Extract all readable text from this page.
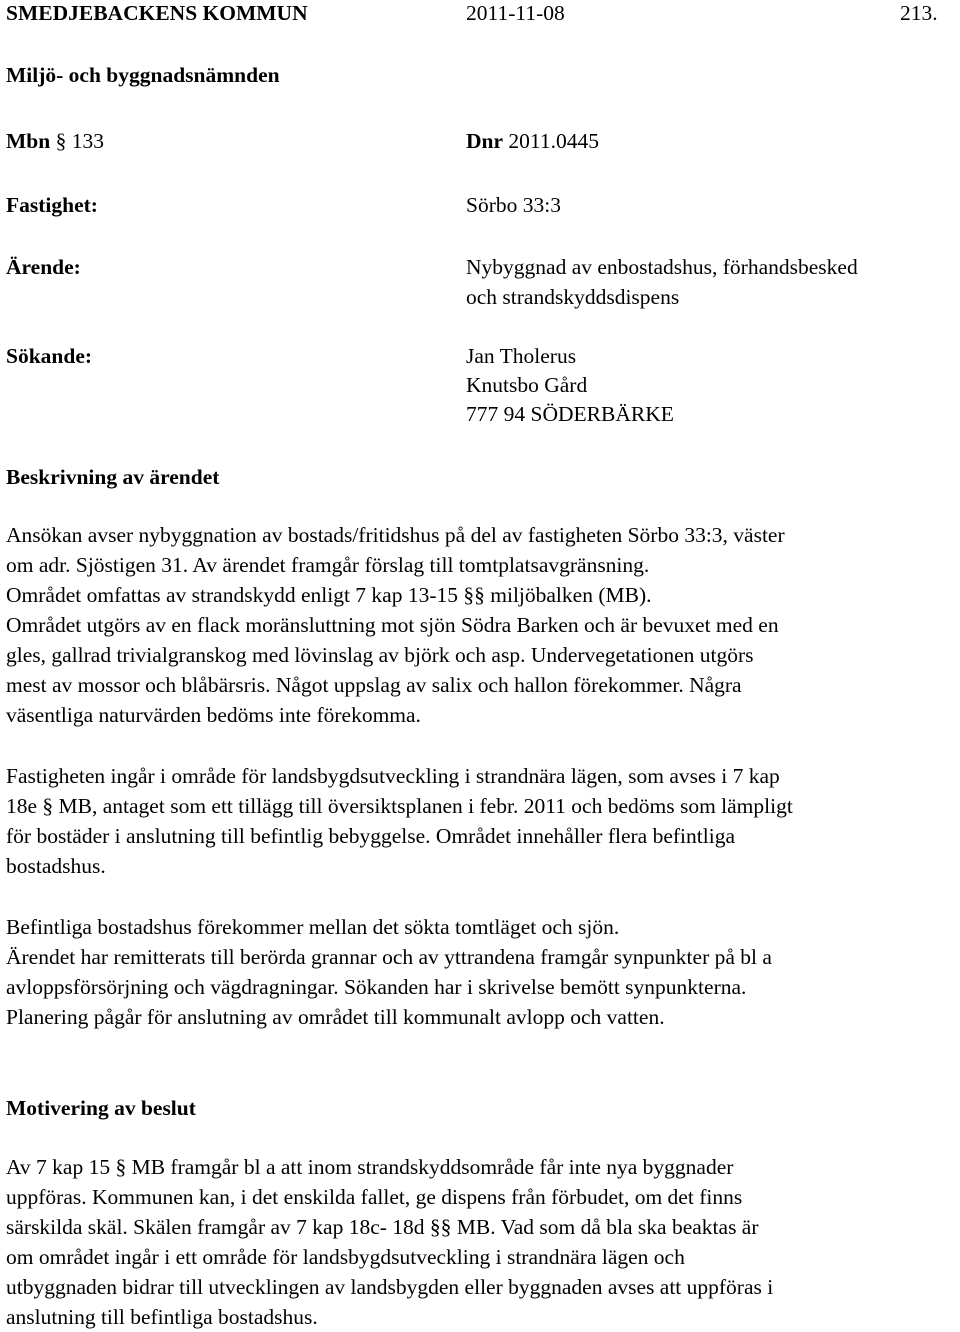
SMEDJEBACKENS KOMMUN	2011-11-08	213.
Miljö- och byggnadsnämnden
Mbn § 133	Dnr 2011.0445
Fastighet:	Sörbo 33:3
Ärende:	Nybyggnad av enbostadshus, förhandsbesked
och strandskyddsdispens
Sökande:	Jan Tholerus
Knutsbo Gård
777 94 SÖDERBÄRKE
Beskrivning av ärendet
Ansökan avser nybyggnation av bostads/fritidshus på del av fastigheten Sörbo 33:3, väster
om adr. Sjöstigen 31. Av ärendet framgår förslag till tomtplatsavgränsning.
Området omfattas av strandskydd enligt 7 kap 13-15 §§ miljöbalken (MB).
Området utgörs av en flack moränsluttning mot sjön Södra Barken och är bevuxet med en
gles, gallrad trivialgranskog med lövinslag av björk och asp. Undervegetationen utgörs
mest av mossor och blåbärsris. Något uppslag av salix och hallon förekommer. Några
väsentliga naturvärden bedöms inte förekomma.
Fastigheten ingår i område för landsbygdsutveckling i strandnära lägen, som avses i 7 kap
18e § MB, antaget som ett tillägg till översiktsplanen i febr. 2011 och bedöms som lämpligt
för bostäder i anslutning till befintlig bebyggelse. Området innehåller flera befintliga
bostadshus.
Befintliga bostadshus förekommer mellan det sökta tomtläget och sjön.
Ärendet har remitterats till berörda grannar och av yttrandena framgår synpunkter på bl a
avloppsförsörjning och vägdragningar. Sökanden har i skrivelse bemött synpunkterna.
Planering pågår för anslutning av området till kommunalt avlopp och vatten.
Motivering av beslut
Av 7 kap 15 § MB framgår bl a att inom strandskyddsområde får inte nya byggnader
uppföras. Kommunen kan, i det enskilda fallet, ge dispens från förbudet, om det finns
särskilda skäl. Skälen framgår av 7 kap 18c- 18d §§ MB. Vad som då bla ska beaktas är
om området ingår i ett område för landsbygdsutveckling i strandnära lägen och
utbyggnaden bidrar till utvecklingen av landsbygden eller byggnaden avses att uppföras i
anslutning till befintliga bostadshus.
